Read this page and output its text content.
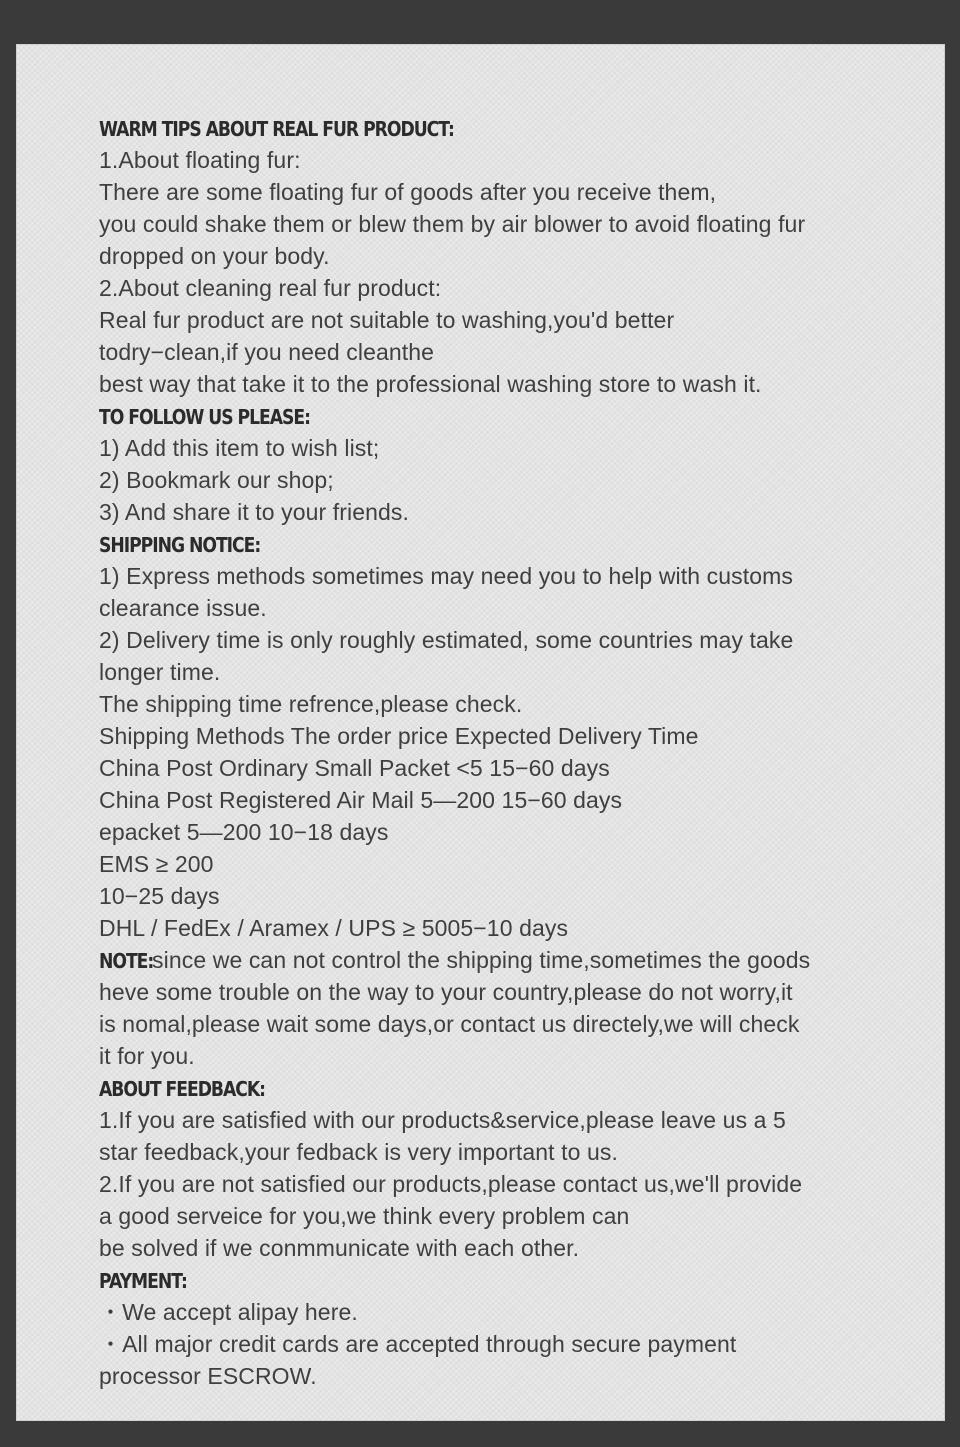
WARM TIPS ABOUT REAL FUR PRODUCT:
1.About floating fur:
There are some floating fur of goods after you receive them,
you could shake them or blew them by air blower to avoid floating fur
dropped on your body.
2.About cleaning real fur product:
Real fur product are not suitable to washing,you'd better
todry−clean,if you need cleanthe
best way that take it to the professional washing store to wash it.
TO FOLLOW US PLEASE:
1) Add this item to wish list;
2) Bookmark our shop;
3) And share it to your friends.
SHIPPING NOTICE:
1) Express methods sometimes may need you to help with customs
clearance issue.
2) Delivery time is only roughly estimated, some countries may take
longer time.
The shipping time refrence,please check.
Shipping Methods The order price Expected Delivery Time
China Post Ordinary Small Packet <5 15−60 days
China Post Registered Air Mail 5—200 15−60 days
epacket 5—200 10−18 days
EMS ≥ 200
10−25 days
DHL / FedEx / Aramex / UPS ≥ 5005−10 days
NOTE:since we can not control the shipping time,sometimes the goods
heve some trouble on the way to your country,please do not worry,it
is nomal,please wait some days,or contact us directely,we will check
it for you.
ABOUT FEEDBACK:
1.If you are satisfied with our products&service,please leave us a 5
star feedback,your fedback is very important to us.
2.If you are not satisfied our products,please contact us,we'll provide
a good serveice for you,we think every problem can
be solved if we conmmunicate with each other.
PAYMENT:
・We accept alipay here.
・All major credit cards are accepted through secure payment
processor ESCROW.
